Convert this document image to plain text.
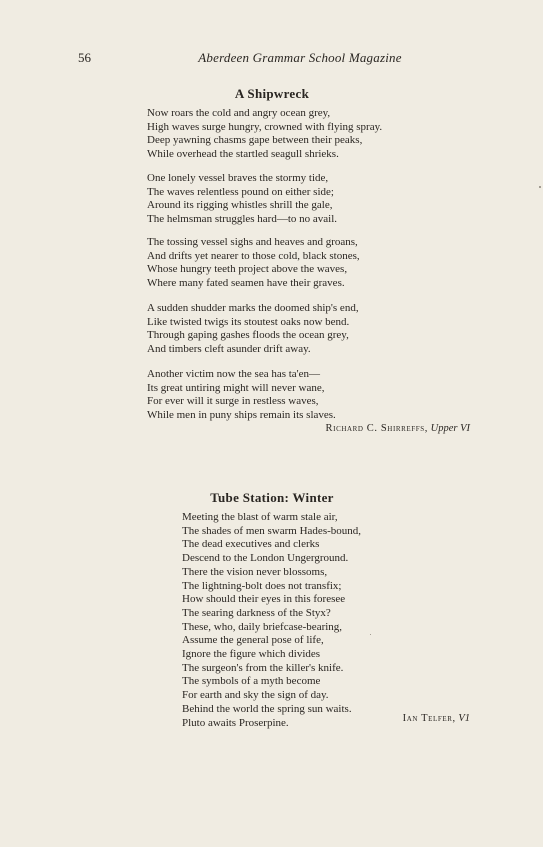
56	Aberdeen Grammar School Magazine

A Shipwreck

Now roars the cold and angry ocean grey,
High waves surge hungry, crowned with flying spray.
Deep yawning chasms gape between their peaks,
While overhead the startled seagull shrieks.

One lonely vessel braves the stormy tide,
The waves relentless pound on either side;
Around its rigging whistles shrill the gale,
The helmsman struggles hard—to no avail.

The tossing vessel sighs and heaves and groans,
And drifts yet nearer to those cold, black stones,
Whose hungry teeth project above the waves,
Where many fated seamen have their graves.

A sudden shudder marks the doomed ship's end,
Like twisted twigs its stoutest oaks now bend.
Through gaping gashes floods the ocean grey,
And timbers cleft asunder drift away.

Another victim now the sea has ta'en—
Its great untiring might will never wane,
For ever will it surge in restless waves,
While men in puny ships remain its slaves.

Richard C. Shirreffs, Upper VI

Tube Station: Winter

Meeting the blast of warm stale air,
The shades of men swarm Hades-bound,
The dead executives and clerks
Descend to the London Ungerground.
There the vision never blossoms,
The lightning-bolt does not transfix;
How should their eyes in this foresee
The searing darkness of the Styx?
These, who, daily briefcase-bearing,
Assume the general pose of life,
Ignore the figure which divides
The surgeon's from the killer's knife.
The symbols of a myth become
For earth and sky the sign of day.
Behind the world the spring sun waits.
Pluto awaits Proserpine.	Ian Telfer, V1
